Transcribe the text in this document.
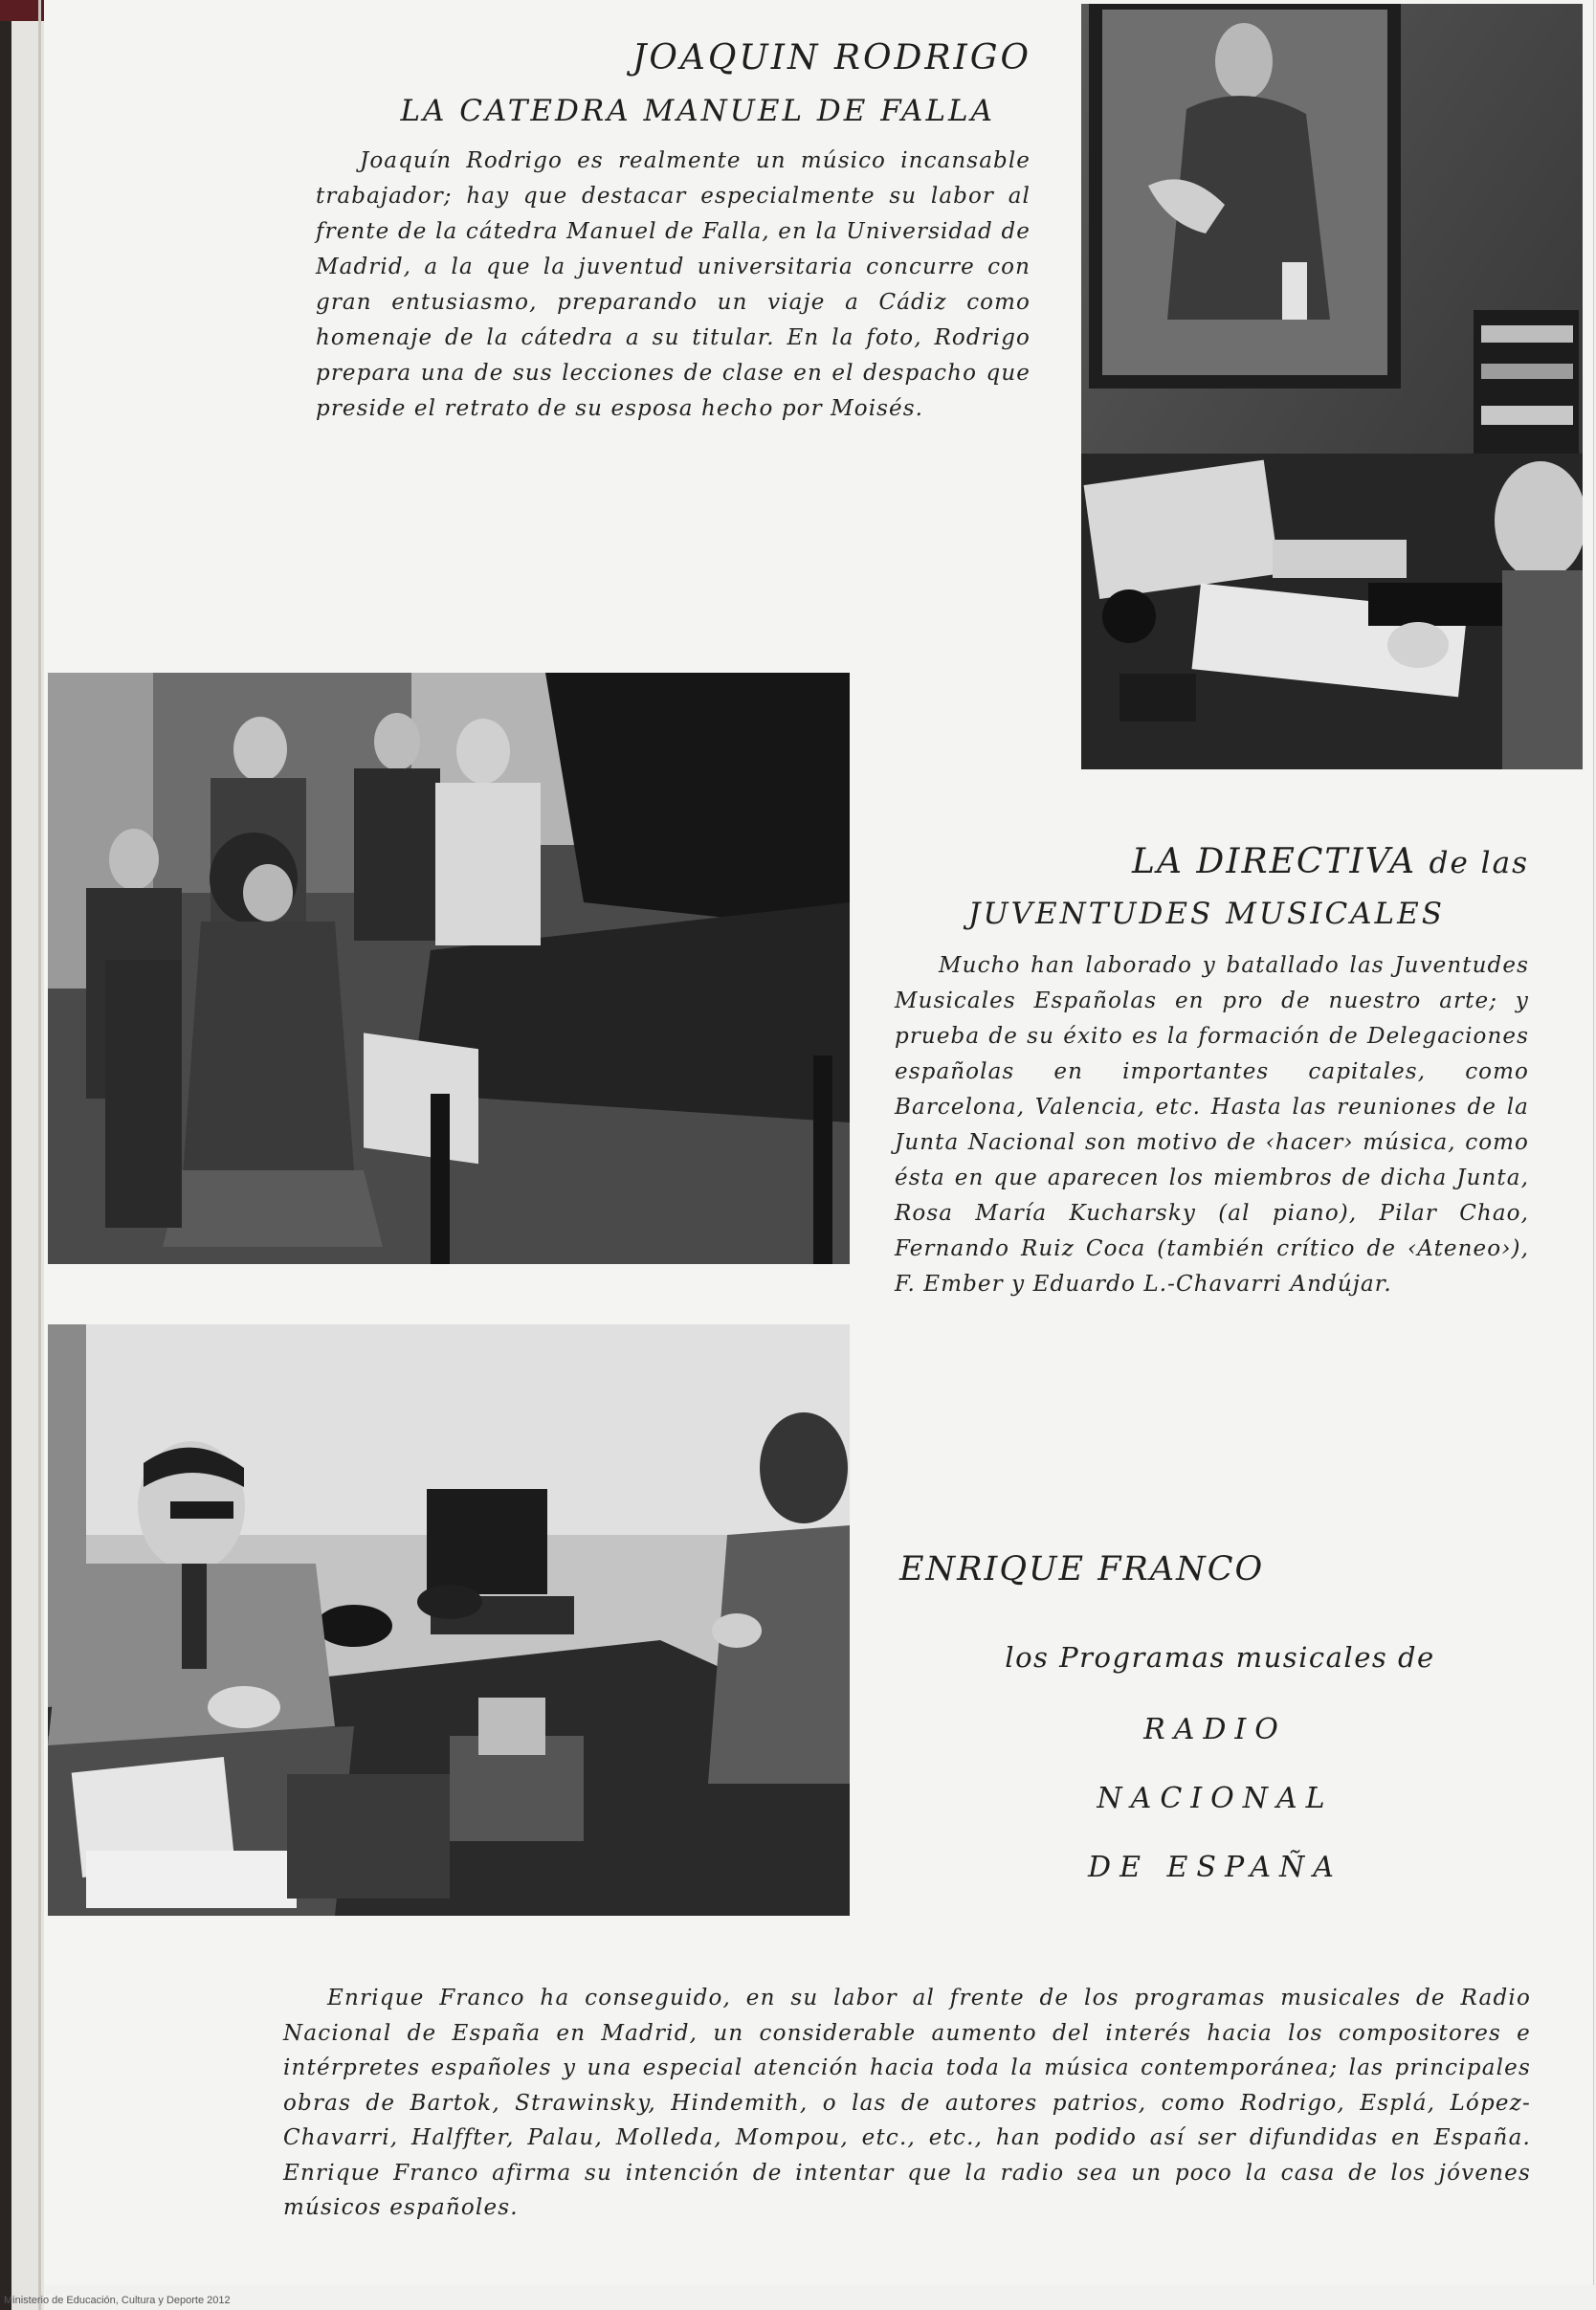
JOAQUIN RODRIGO
LA CATEDRA MANUEL DE FALLA

Joaquín Rodrigo es realmente un músico incansable trabajador; hay que destacar especialmente su labor al frente de la cátedra Manuel de Falla, en la Universidad de Madrid, a la que la juventud universitaria concurre con gran entusiasmo, preparando un viaje a Cádiz como homenaje de la cátedra a su titular. En la foto, Rodrigo prepara una de sus lecciones de clase en el despacho que preside el retrato de su esposa hecho por Moisés.

LA DIRECTIVA de las
JUVENTUDES MUSICALES

Mucho han laborado y batallado las Juventudes Musicales Españolas en pro de nuestro arte; y prueba de su éxito es la formación de Delegaciones españolas en importantes capitales, como Barcelona, Valencia, etc. Hasta las reuniones de la Junta Nacional son motivo de ‹hacer› música, como ésta en que aparecen los miembros de dicha Junta, Rosa María Kucharsky (al piano), Pilar Chao, Fernando Ruiz Coca (también crítico de ‹Ateneo›), F. Ember y Eduardo L.-Chavarri Andújar.

ENRIQUE FRANCO
los Programas musicales de
RADIO
NACIONAL
DE ESPAÑA

Enrique Franco ha conseguido, en su labor al frente de los programas musicales de Radio Nacional de España en Madrid, un considerable aumento del interés hacia los compositores e intérpretes españoles y una especial atención hacia toda la música contemporánea; las principales obras de Bartok, Strawinsky, Hindemith, o las de autores patrios, como Rodrigo, Esplá, López-Chavarri, Halffter, Palau, Molleda, Mompou, etc., etc., han podido así ser difundidas en España. Enrique Franco afirma su intención de intentar que la radio sea un poco la casa de los jóvenes músicos españoles.

Ministerio de Educación, Cultura y Deporte 2012
